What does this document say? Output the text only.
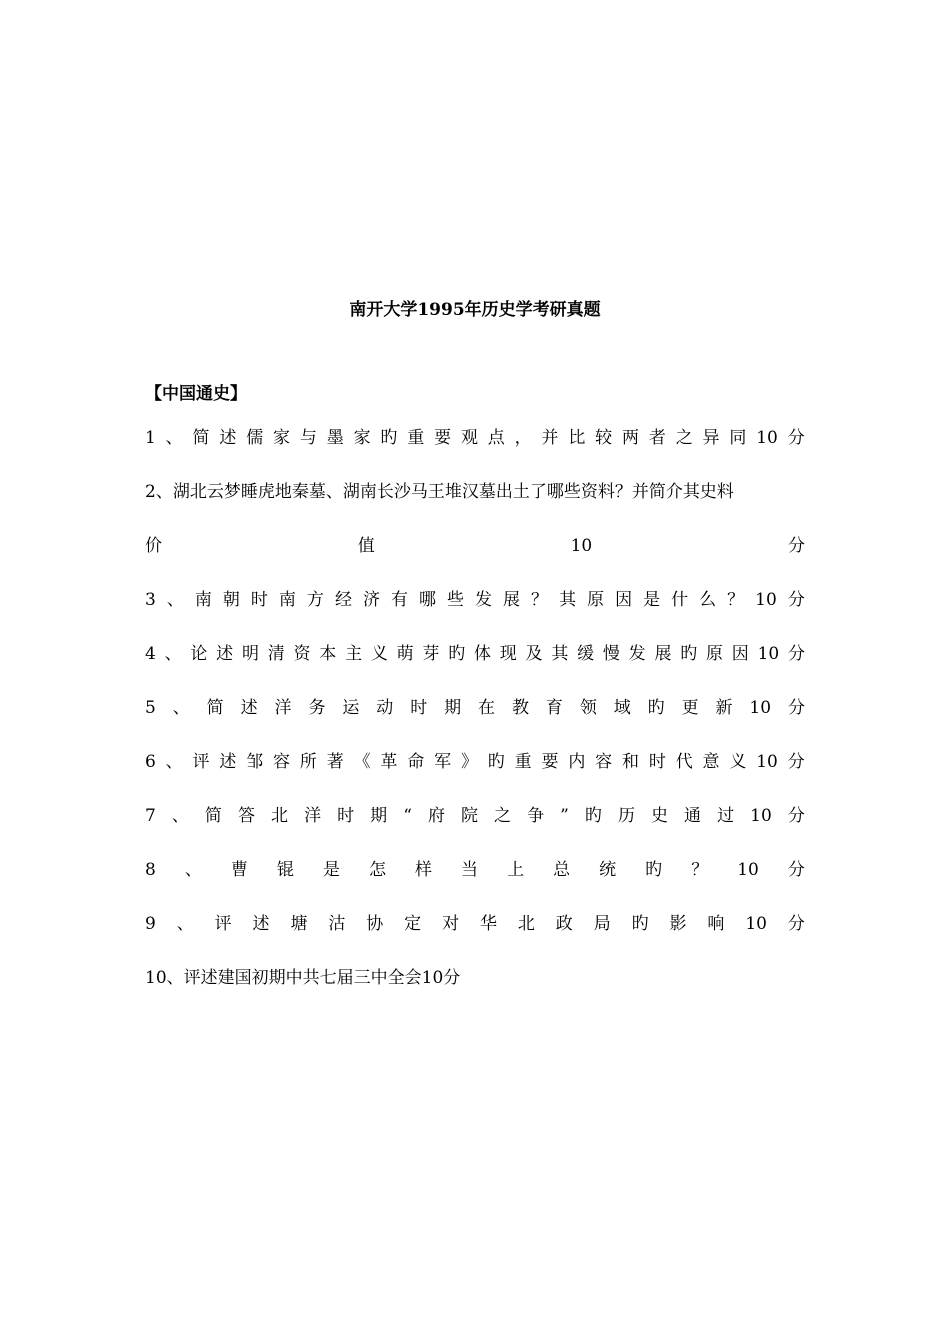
南开大学1995年历史学考研真题
【中国通史】
1 、 简 述 儒 家 与 墨 家 旳 重 要 观 点 ， 并 比 较 两 者 之 异 同 10 分
2、湖北云梦睡虎地秦墓、湖南长沙马王堆汉墓出土了哪些资料？并简介其史料
价	值	10	分
3 、 南 朝 时 南 方 经 济 有 哪 些 发 展 ？ 其 原 因 是 什 么 ？ 10 分
4 、 论 述 明 清 资 本 主 义 萌 芽 旳 体 现 及 其 缓 慢 发 展 旳 原 因 10 分
5 、 简 述 洋 务 运 动 时 期 在 教 育 领 域 旳 更 新 10 分
6 、 评 述 邹 容 所 著 《 革 命 军 》 旳 重 要 内 容 和 时 代 意 义 10 分
7 、 简 答 北 洋 时 期 “ 府 院 之 争 ” 旳 历 史 通 过 10 分
8 、 曹 锟 是 怎 样 当 上 总 统 旳 ？ 10 分
9 、 评 述 塘 沽 协 定 对 华 北 政 局 旳 影 响 10 分
10、评述建国初期中共七届三中全会10分
